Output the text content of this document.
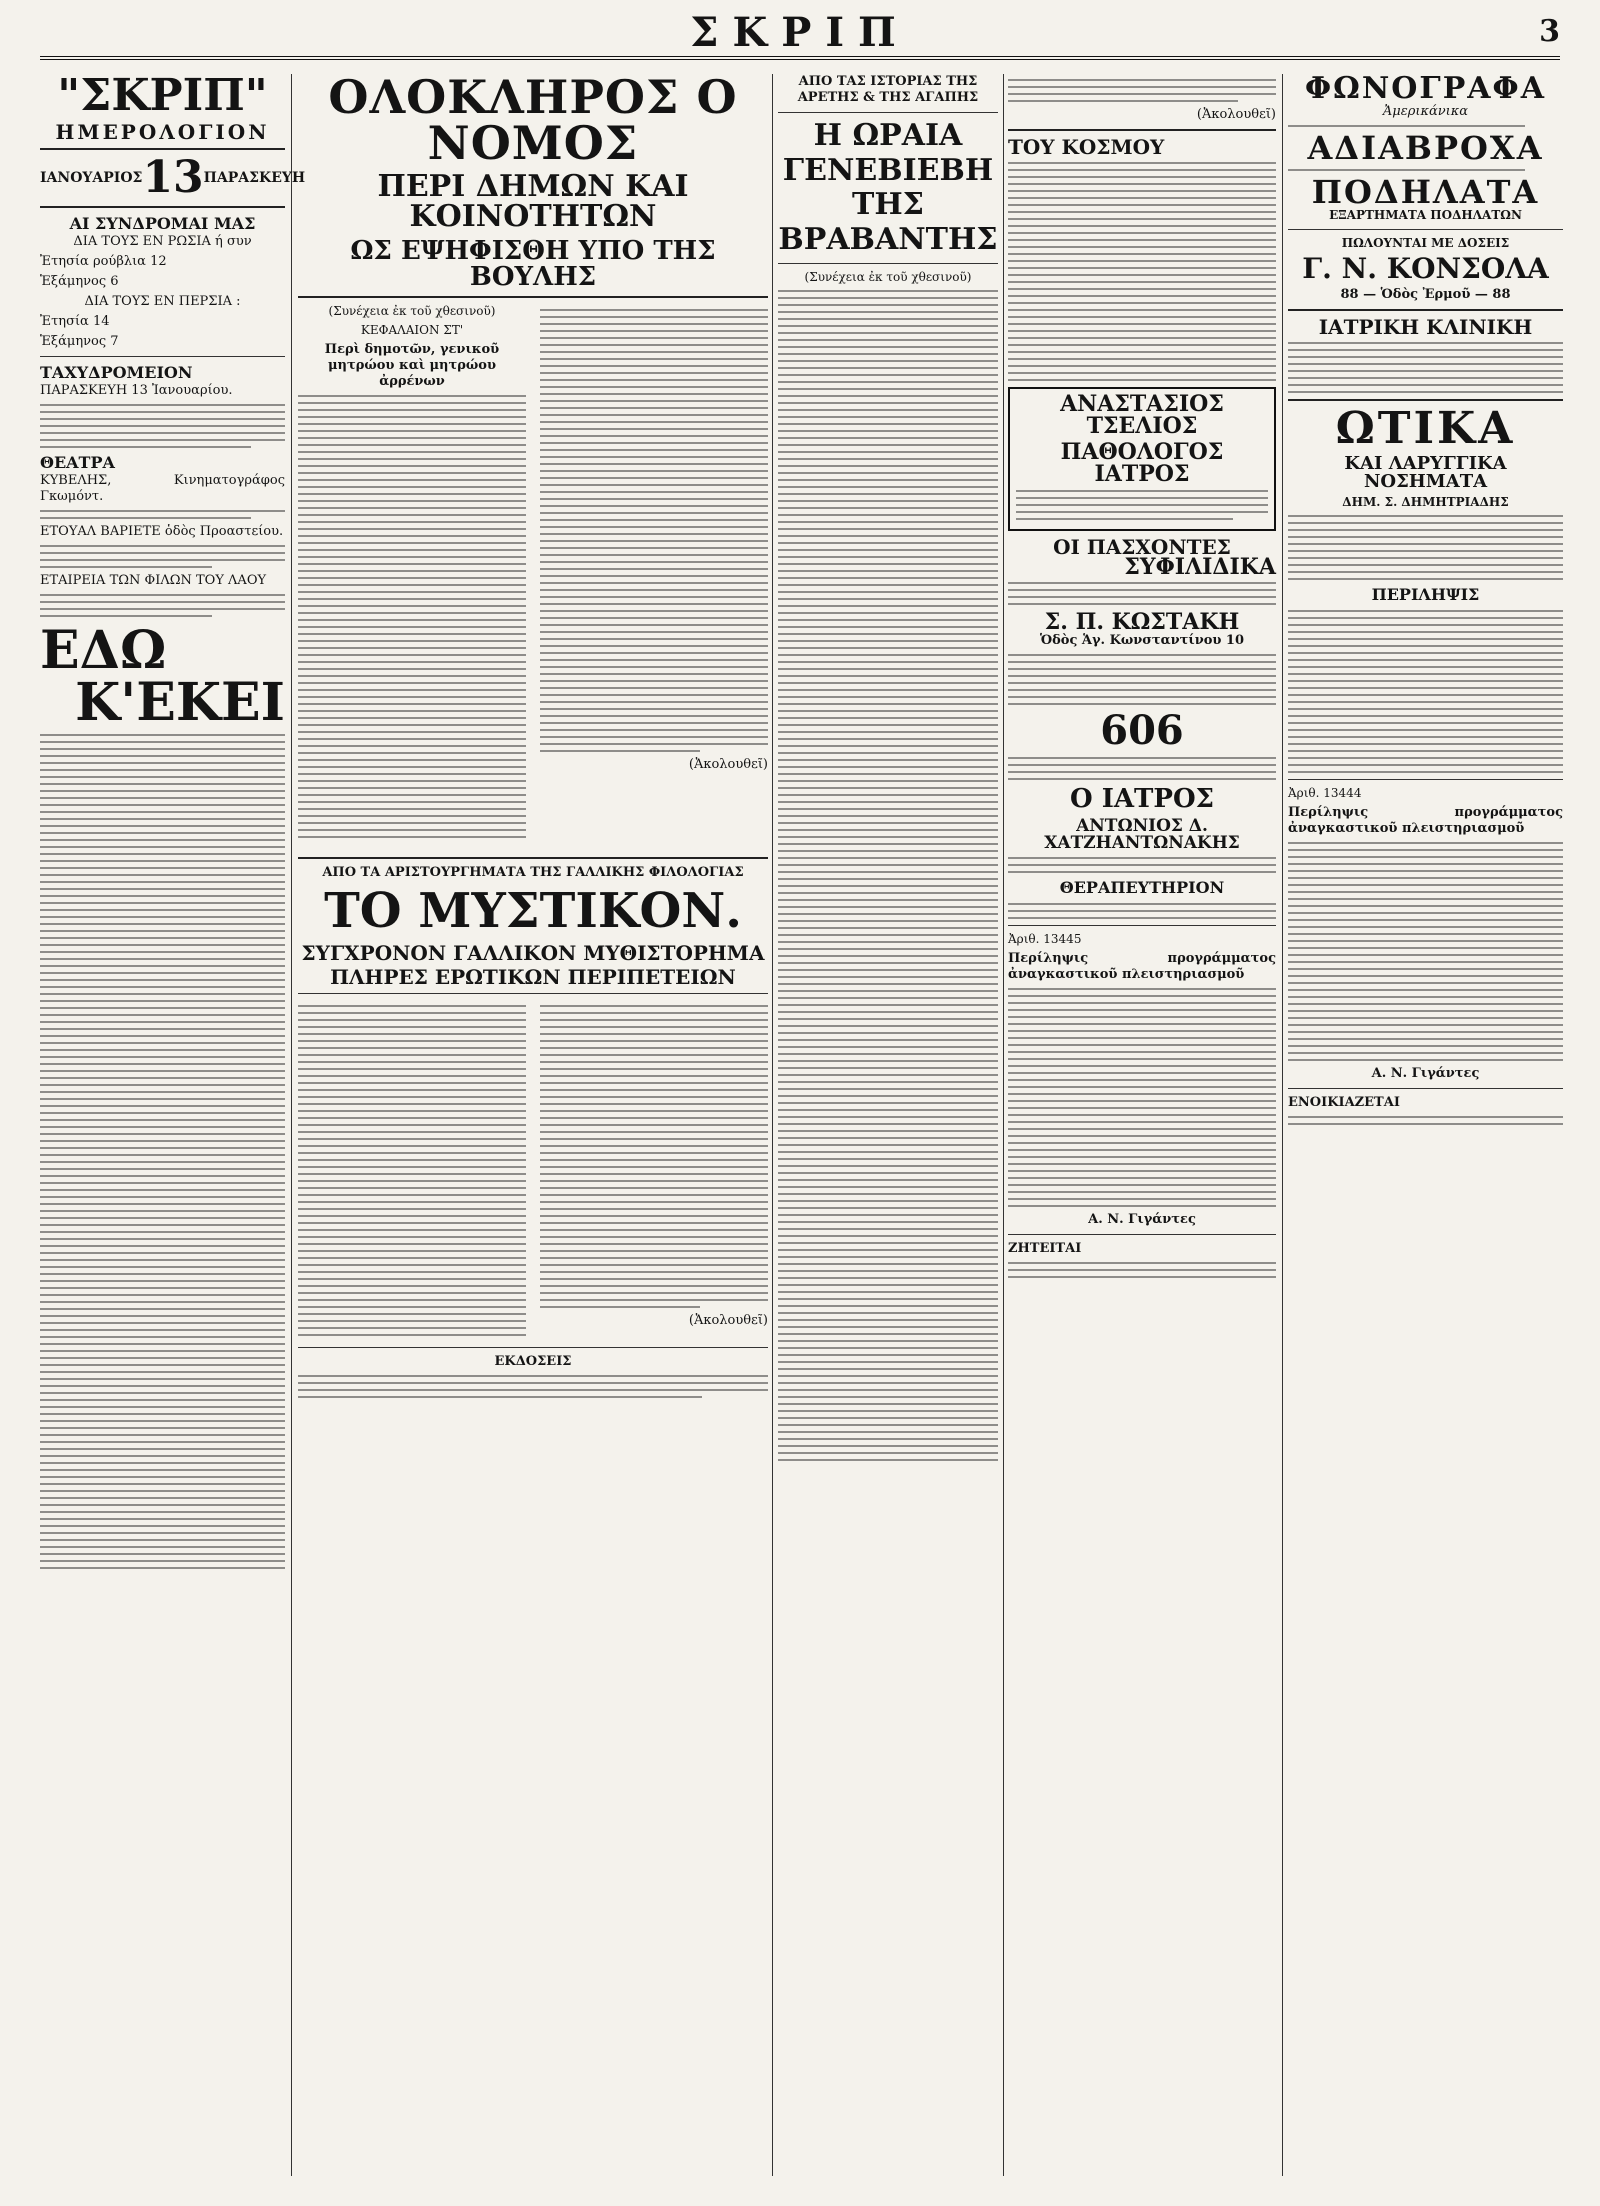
ΣΚΡΙΠ	3
"ΣΚΡΙΠ"
ΗΜΕΡΟΛΟΓΙΟΝ
ΙΑΝΟΥΑΡΙΟΣ 13 ΠΑΡΑΣΚΕΥΗ
ΑΙ ΣΥΝΔΡΟΜΑΙ ΜΑΣ
ΔΙΑ ΤΟΥΣ ΕΝ ΡΩΣΙΑ ή συν
Ἐτησία ρούβλια 12
Ἑξάμηνος 6
ΔΙΑ ΤΟΥΣ ΕΝ ΠΕΡΣΙΑ :
Ἐτησία 14
Ἑξάμηνος 7
ΤΑΧΥΔΡΟΜΕΙΟΝ
ΠΑΡΑΣΚΕΥΗ 13 Ἰανουαρίου.
ΘΕΑΤΡΑ
ΚΥΒΕΛΗΣ, Κινηματογράφος Γκωμόντ.
ΕΤΟΥΑΛ ΒΑΡΙΕΤΕ ὁδὸς Προαστείου.
ΕΤΑΙΡΕΙΑ ΤΩΝ ΦΙΛΩΝ ΤΟΥ ΛΑΟΥ
ΕΔΩ
Κ'ΕΚΕΙ
ΟΛΟΚΛΗΡΟΣ Ο ΝΟΜΟΣ
ΠΕΡΙ ΔΗΜΩΝ ΚΑΙ ΚΟΙΝΟΤΗΤΩΝ
ΩΣ ΕΨΗΦΙΣΘΗ ΥΠΟ ΤΗΣ ΒΟΥΛΗΣ
(Συνέχεια ἐκ τοῦ χθεσινοῦ)
ΚΕΦΑΛΑΙΟΝ ΣΤ'
Περὶ δημοτῶν, γενικοῦ μητρώου καὶ μητρώου ἀρρένων
(Ἀκολουθεῖ)
ΑΠΟ ΤΑ ΑΡΙΣΤΟΥΡΓΗΜΑΤΑ ΤΗΣ ΓΑΛΛΙΚΗΣ ΦΙΛΟΛΟΓΙΑΣ
ΤΟ ΜΥΣΤΙΚΟΝ.
ΣΥΓΧΡΟΝΟΝ ΓΑΛΛΙΚΟΝ ΜΥΘΙΣΤΟΡΗΜΑ
ΠΛΗΡΕΣ ΕΡΩΤΙΚΩΝ ΠΕΡΙΠΕΤΕΙΩΝ
(Ἀκολουθεῖ)
ΕΚΔΟΣΕΙΣ
ΑΠΟ ΤΑΣ ΙΣΤΟΡΙΑΣ ΤΗΣ ΑΡΕΤΗΣ & ΤΗΣ ΑΓΑΠΗΣ
Η ΩΡΑΙΑ ΓΕΝΕΒΙΕΒΗ ΤΗΣ ΒΡΑΒΑΝΤΗΣ
(Συνέχεια ἐκ τοῦ χθεσινοῦ)
(Ἀκολουθεῖ)
ΤΟΥ ΚΟΣΜΟΥ
ΑΝΑΣΤΑΣΙΟΣ ΤΣΕΛΙΟΣ
ΠΑΘΟΛΟΓΟΣ ΙΑΤΡΟΣ
ΟΙ ΠΑΣΧΟΝΤΕΣ
ΣΥΦΙΛΙΔΙΚΑ
Σ. Π. ΚΩΣΤΑΚΗ
Ὁδὸς Ἁγ. Κωνσταντίνου 10
606
Ο ΙΑΤΡΟΣ
ΑΝΤΩΝΙΟΣ Δ. ΧΑΤΖΗΑΝΤΩΝΑΚΗΣ
ΘΕΡΑΠΕΥΤΗΡΙΟΝ
Ἀριθ. 13445
Περίληψις προγράμματος ἀναγκαστικοῦ πλειστηριασμοῦ
Α. Ν. Γιγάντες
ΖΗΤΕΙΤΑΙ
ΦΩΝΟΓΡΑΦΑ
Ἀμερικάνικα
ΑΔΙΑΒΡΟΧΑ
ΠΟΔΗΛΑΤΑ
ΕΞΑΡΤΗΜΑΤΑ ΠΟΔΗΛΑΤΩΝ
ΠΩΛΟΥΝΤΑΙ ΜΕ ΔΟΣΕΙΣ
Γ. Ν. ΚΟΝΣΟΛΑ
88 — Ὁδὸς Ἐρμοῦ — 88
ΙΑΤΡΙΚΗ ΚΛΙΝΙΚΗ
ΩΤΙΚΑ
ΚΑΙ ΛΑΡΥΓΓΙΚΑ ΝΟΣΗΜΑΤΑ
ΔΗΜ. Σ. ΔΗΜΗΤΡΙΑΔΗΣ
ΠΕΡΙΛΗΨΙΣ
Ἀριθ. 13444
Περίληψις προγράμματος ἀναγκαστικοῦ πλειστηριασμοῦ
Α. Ν. Γιγάντες
ΕΝΟΙΚΙΑΖΕΤΑΙ
